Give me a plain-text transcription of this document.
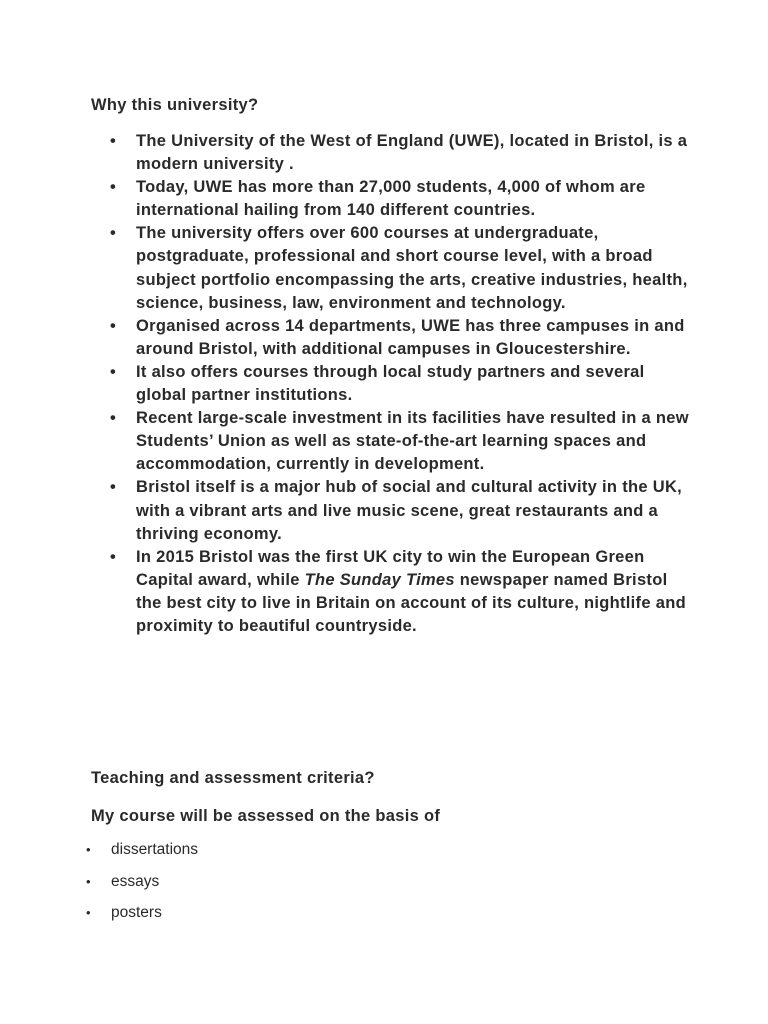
Why this university?

• The University of the West of England (UWE), located in Bristol, is a modern university .
• Today, UWE has more than 27,000 students, 4,000 of whom are international hailing from 140 different countries.
• The university offers over 600 courses at undergraduate, postgraduate, professional and short course level, with a broad subject portfolio encompassing the arts, creative industries, health, science, business, law, environment and technology.
• Organised across 14 departments, UWE has three campuses in and around Bristol, with additional campuses in Gloucestershire.
• It also offers courses through local study partners and several global partner institutions.
• Recent large-scale investment in its facilities have resulted in a new Students’ Union as well as state-of-the-art learning spaces and accommodation, currently in development.
• Bristol itself is a major hub of social and cultural activity in the UK, with a vibrant arts and live music scene, great restaurants and a thriving economy.
• In 2015 Bristol was the first UK city to win the European Green Capital award, while The Sunday Times newspaper named Bristol the best city to live in Britain on account of its culture, nightlife and proximity to beautiful countryside.

Teaching and assessment criteria?

My course will be assessed on the basis of

• dissertations
• essays
• posters
